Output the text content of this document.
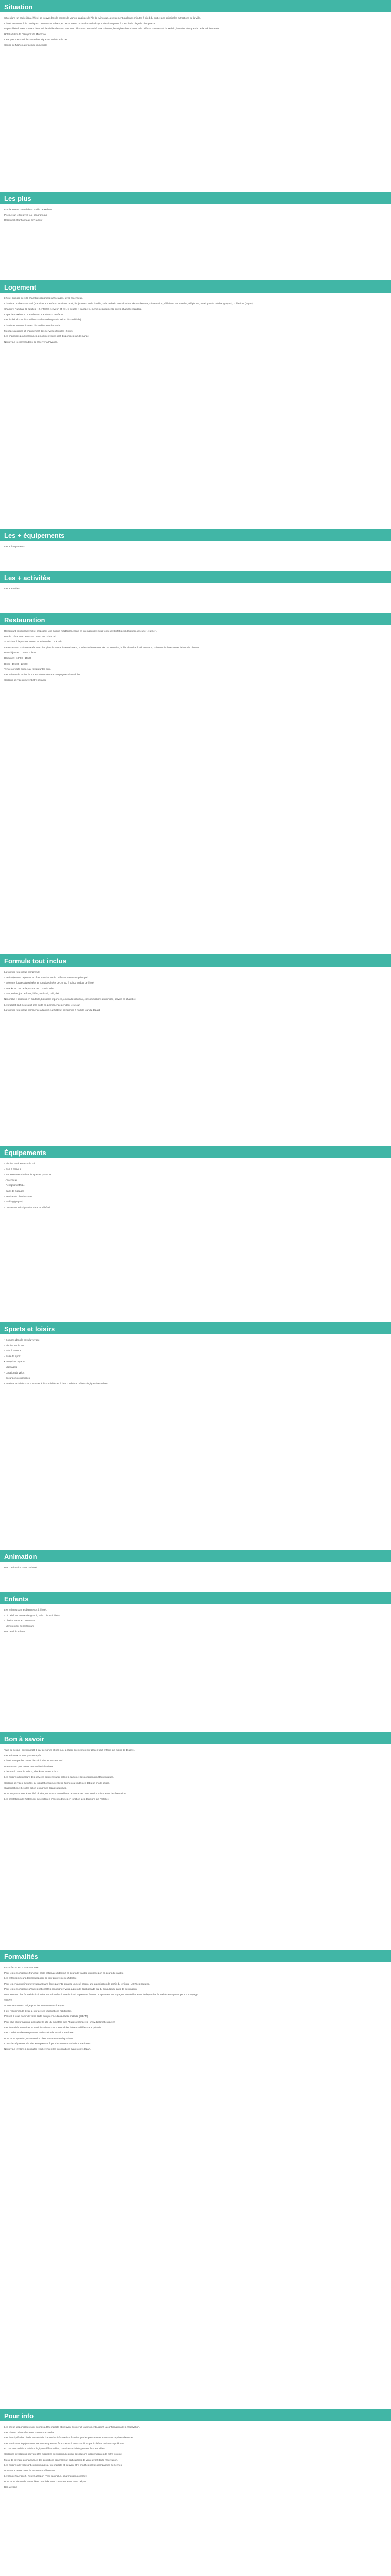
Situation

Situé dans un cadre idéal, l'hôtel se trouve dans le centre de Mahón, capitale de l'île de Minorque, à seulement quelques minutes à pied du port et des principales attractions de la ville.

L'hôtel est entouré de boutiques, restaurants et bars, et ne se trouve qu'à 5 km de l'aéroport de Minorque et à 2 km de la plage la plus proche.

Depuis l'hôtel, vous pourrez découvrir la vieille ville avec ses rues piétonnes, le marché aux poissons, les églises historiques et le célèbre port naturel de Mahón, l'un des plus grands de la Méditerranée.

Hôtel à 5 km de l'aéroport de Minorque

Idéal pour découvrir le centre historique de Mahón et le port

Centre de Mahón à proximité immédiate

Les plus

Emplacement central dans la ville de Mahón

Piscine sur le toit avec vue panoramique

Personnel attentionné et accueillant

Logement

L'hôtel dispose de 102 chambres réparties sur 5 étages, avec ascenseur.

Chambre Double Standard (2 adultes + 1 enfant) : environ 18 m², lits jumeaux ou lit double, salle de bain avec douche, sèche-cheveux, climatisation, télévision par satellite, téléphone, Wi-Fi gratuit, minibar (payant), coffre-fort (payant).

Chambre Familiale (2 adultes + 2 enfants) : environ 25 m², lit double + canapé-lit, mêmes équipements que la chambre standard.

Capacité maximum : 3 adultes ou 2 adultes + 2 enfants.

Les lits bébé sont disponibles sur demande (gratuit, selon disponibilités).

Chambres communicantes disponibles sur demande.

Ménage quotidien et changement des serviettes tous les 2 jours.

Les chambres pour personnes à mobilité réduite sont disponibles sur demande.

Nous vous recommandons de réserver à l'avance.

Les + équipements

Les + équipements

Les + activités

Les + activités

Restauration

Restaurant principal de l'hôtel proposant une cuisine méditerranéenne et internationale sous forme de buffet (petit-déjeuner, déjeuner et dîner).

Bar de l'hôtel avec terrasse, ouvert de 10h à 23h.

Snack-bar à la piscine, ouvert en saison de 11h à 18h.

Le restaurant : cuisine variée avec des plats locaux et internationaux, soirées à thème une fois par semaine, buffet chaud et froid, desserts, boissons incluses selon la formule choisie.

Petit-déjeuner : 7h30 - 10h00

Déjeuner : 13h00 - 15h00

Dîner : 19h00 - 22h00

Tenue correcte exigée au restaurant le soir.

Les enfants de moins de 12 ans doivent être accompagnés d'un adulte.

Certains services peuvent être payants.

Formule tout inclus

La formule tout inclus comprend :

- Petit-déjeuner, déjeuner et dîner sous forme de buffet au restaurant principal

- Boissons locales alcoolisées et non alcoolisées de 10h00 à 23h00 au bar de l'hôtel

- Snacks au bar de la piscine de 11h00 à 18h00

- Eau, sodas, jus de fruits, bière, vin local, café, thé

Non inclus : boissons en bouteille, boissons importées, cocktails spéciaux, consommations du minibar, service en chambre.

Le bracelet tout inclus doit être porté en permanence pendant le séjour.

La formule tout inclus commence à l'arrivée à l'hôtel et se termine à midi le jour du départ.

Équipements

- Piscine extérieure sur le toit

- Bain à remous

- Terrasse avec chaises longues et parasols

- Ascenseur

- Réception 24h/24

- Salle de bagages

- Service de blanchisserie

- Parking (payant)

- Connexion Wi-Fi gratuite dans tout l'hôtel

Sports et loisirs

• Compris dans le prix du voyage

- Piscine sur le toit

- Bain à remous

- Salle de sport

• En option payante

- Massages

- Location de vélos

- Excursions organisées

Certaines activités sont soumises à disponibilités et à des conditions météorologiques favorables.

Animation

Pas d'animation dans cet hôtel.

Enfants

Les enfants sont les bienvenus à l'hôtel.

- Lit bébé sur demande (gratuit, selon disponibilités)

- Chaise haute au restaurant

- Menu enfant au restaurant

Pas de club enfants.

Bon à savoir

Taxe de séjour : environ 2,20 € par personne et par nuit, à régler directement sur place (sauf enfants de moins de 16 ans).

Les animaux ne sont pas acceptés.

L'hôtel accepte les cartes de crédit Visa et MasterCard.

Une caution pourra être demandée à l'arrivée.

Check-in à partir de 15h00, check-out avant 12h00.

Les horaires d'ouverture des services peuvent varier selon la saison et les conditions météorologiques.

Certains services, activités ou installations peuvent être fermés ou limités en début et fin de saison.

Classification : 3 étoiles selon les normes locales du pays.

Pour les personnes à mobilité réduite, nous vous conseillons de contacter notre service client avant la réservation.

Les prestations de l'hôtel sont susceptibles d'être modifiées en fonction des décisions de l'hôtelier.

Formalités

ENTRÉE SUR LE TERRITOIRE

Pour les ressortissants français : carte nationale d'identité en cours de validité ou passeport en cours de validité.

Les enfants mineurs doivent disposer de leur propre pièce d'identité.

Pour les enfants mineurs voyageant sans leurs parents ou avec un seul parent, une autorisation de sortie du territoire (AST) est requise.

Pour les ressortissants d'autres nationalités, renseignez-vous auprès de l'ambassade ou du consulat du pays de destination.

IMPORTANT : les formalités indiquées sont données à titre indicatif et peuvent évoluer. Il appartient au voyageur de vérifier avant le départ les formalités en vigueur pour son voyage.

SANTÉ

Aucun vaccin n'est exigé pour les ressortissants français.

Il est recommandé d'être à jour de ses vaccinations habituelles.

Pensez à vous munir de votre carte européenne d'assurance maladie (CEAM).

Pour plus d'informations, consultez le site du ministère des Affaires étrangères : www.diplomatie.gouv.fr

Les formalités sanitaires et administratives sont susceptibles d'être modifiées sans préavis.

Les conditions d'entrée peuvent varier selon la situation sanitaire.

Pour toute question, notre service client reste à votre disposition.

Consultez également le site www.pasteur.fr pour les recommandations sanitaires.

Nous vous invitons à consulter régulièrement les informations avant votre départ.

Pour info

Les prix et disponibilités sont donnés à titre indicatif et peuvent évoluer à tout moment jusqu'à la confirmation de la réservation.

Les photos présentées sont non contractuelles.

Les descriptifs des hôtels sont établis d'après les informations fournies par les prestataires et sont susceptibles d'évoluer.

Les services et équipements mentionnés peuvent être soumis à des conditions particulières ou à un supplément.

En cas de conditions météorologiques défavorables, certaines activités peuvent être annulées.

Certaines prestations peuvent être modifiées ou supprimées pour des raisons indépendantes de notre volonté.

Merci de prendre connaissance des conditions générales et particulières de vente avant toute réservation.

Les horaires de vols sont communiqués à titre indicatif et peuvent être modifiés par les compagnies aériennes.

Nous vous remercions de votre compréhension.

Le transfert aéroport / hôtel / aéroport n'est pas inclus, sauf mention contraire.

Pour toute demande particulière, merci de nous contacter avant votre départ.

Bon voyage !
